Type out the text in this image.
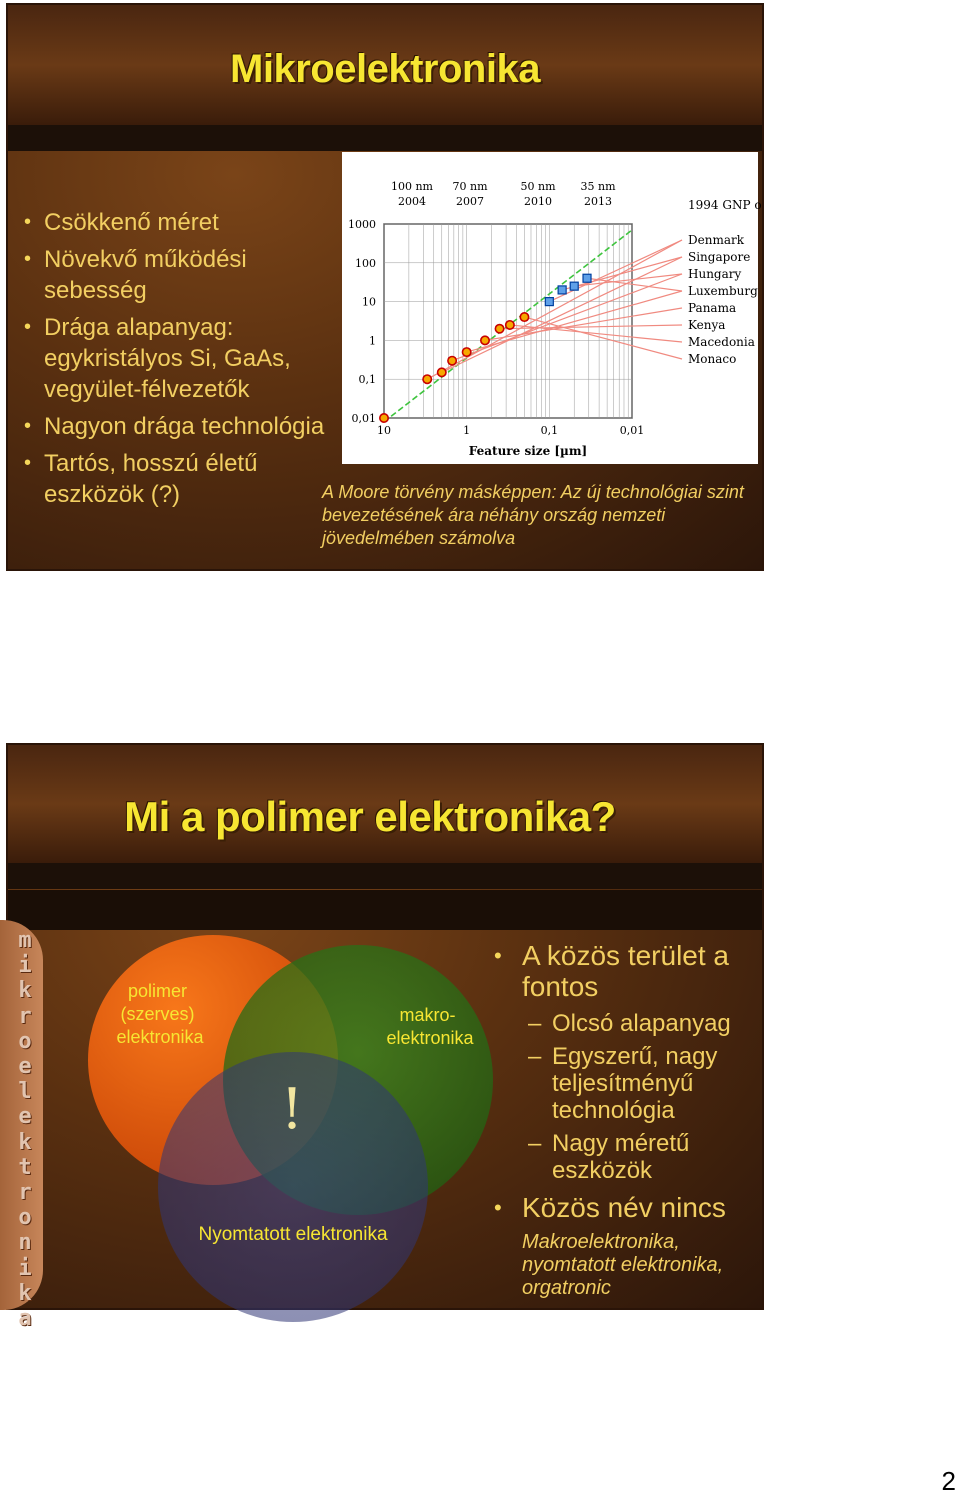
Mikroelektronika
• Csökkenő méret
• Növekvő működési sebesség
• Drága alapanyag: egykristályos Si, GaAs, vegyület-félvezetők
• Nagyon drága technológia
• Tartós, hosszú életű eszközök (?)
1000
100
10
1
0,1
0,01
10	1	0,1	0,01
Feature size [µm]
100 nm
2004
70 nm
2007
50 nm
2010
35 nm
2013	1994 GNP o
Denmark
Singapore
Hungary
Luxemburg
Panama
Kenya
Macedonia
Monaco
A Moore törvény másképpen: Az új technológiai szint bevezetésének ára néhány ország nemzeti jövedelmében számolva
Mi a polimer elektronika?
m
i
k
r
o
e
l
e
k
t
r
o
n
i
k
a
polimer (szerves) elektronika
makro- elektronika
!
Nyomtatott elektronika
• A közös terület a fontos
– Olcsó alapanyag
– Egyszerű, nagy teljesítményű technológia
– Nagy méretű eszközök
• Közös név nincs
Makroelektronika, nyomtatott elektronika, orgatronic
2
